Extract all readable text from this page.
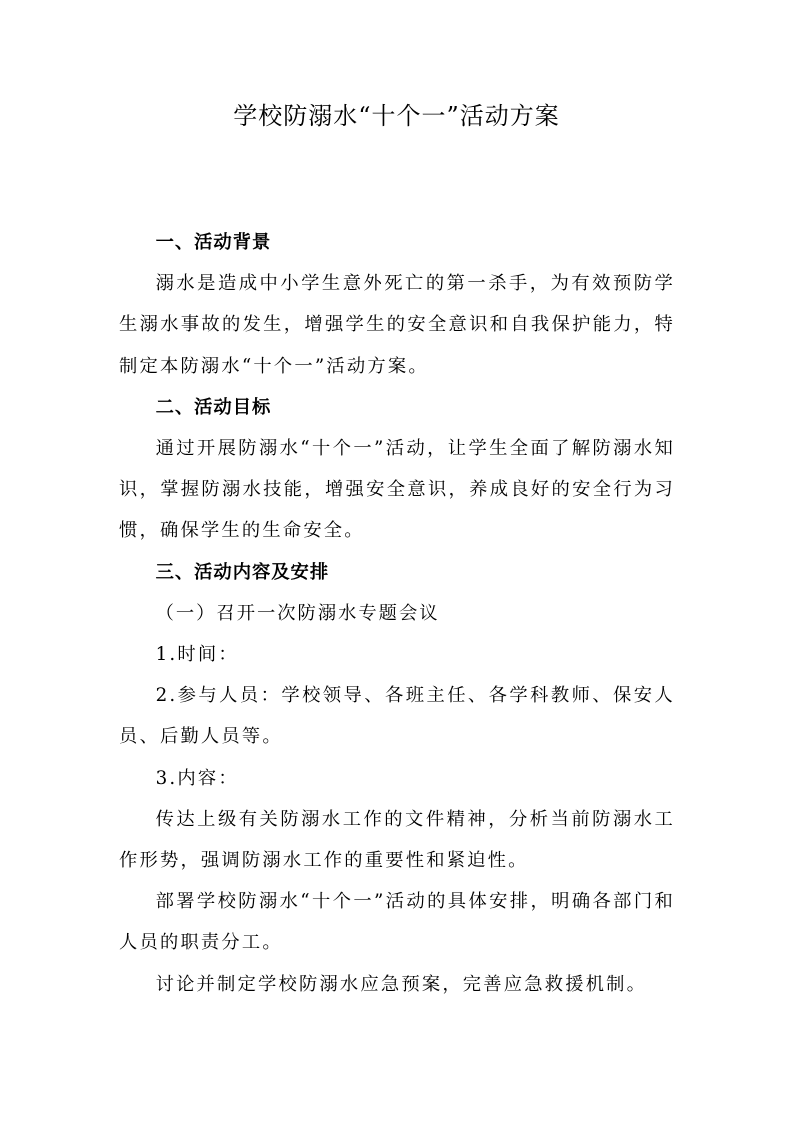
学校防溺水“十个一”活动方案

一、活动背景

溺水是造成中小学生意外死亡的第一杀手，为有效预防学生溺水事故的发生，增强学生的安全意识和自我保护能力，特制定本防溺水“十个一”活动方案。

二、活动目标

通过开展防溺水“十个一”活动，让学生全面了解防溺水知识，掌握防溺水技能，增强安全意识，养成良好的安全行为习惯，确保学生的生命安全。

三、活动内容及安排

（一）召开一次防溺水专题会议

1.时间：

2.参与人员：学校领导、各班主任、各学科教师、保安人员、后勤人员等。

3.内容：

传达上级有关防溺水工作的文件精神，分析当前防溺水工作形势，强调防溺水工作的重要性和紧迫性。

部署学校防溺水“十个一”活动的具体安排，明确各部门和人员的职责分工。

讨论并制定学校防溺水应急预案，完善应急救援机制。
